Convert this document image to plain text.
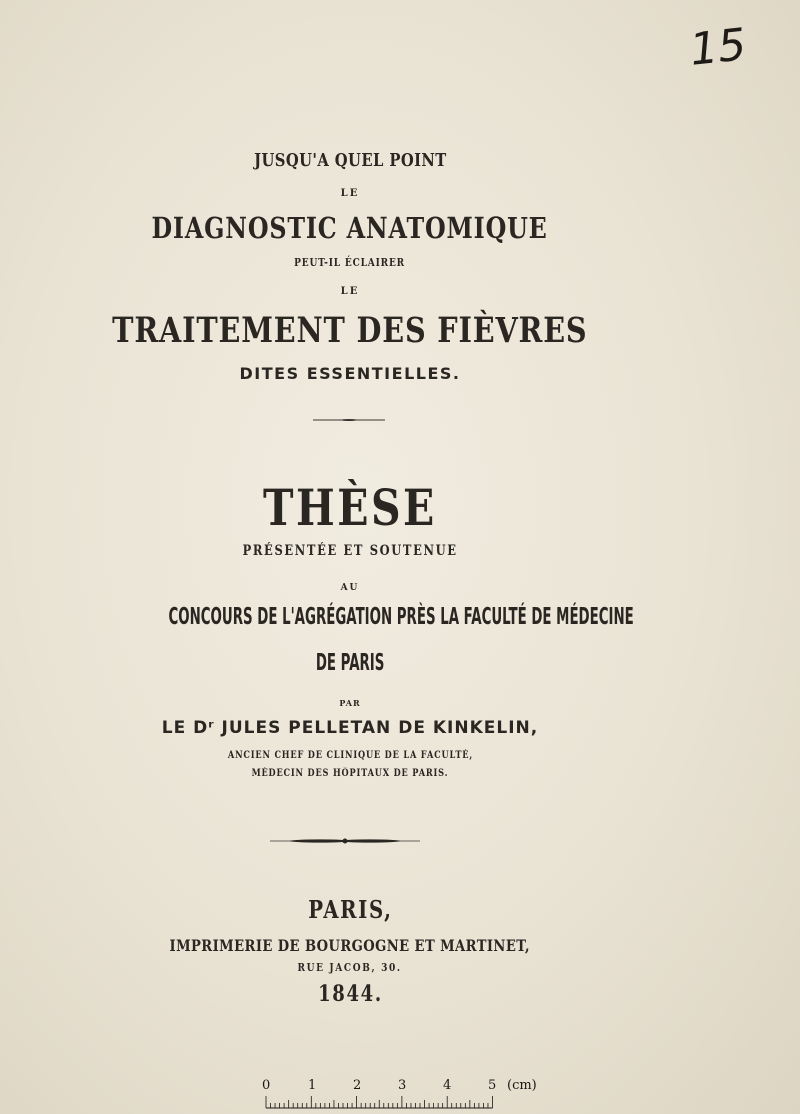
15
JUSQU'A QUEL POINT
LE
DIAGNOSTIC ANATOMIQUE
PEUT-IL ÉCLAIRER
LE
TRAITEMENT DES FIÈVRES
DITES ESSENTIELLES.
THÈSE
PRÉSENTÉE ET SOUTENUE
AU
CONCOURS DE L'AGRÉGATION PRÈS LA FACULTÉ DE MÉDECINE
DE PARIS
PAR
LE Dʳ JULES PELLETAN DE KINKELIN,
ANCIEN CHEF DE CLINIQUE DE LA FACULTÉ,
MÉDECIN DES HÔPITAUX DE PARIS.
PARIS,
IMPRIMERIE DE BOURGOGNE ET MARTINET,
RUE JACOB, 30.
1844.
0	1	2	3	4	5 (cm)
